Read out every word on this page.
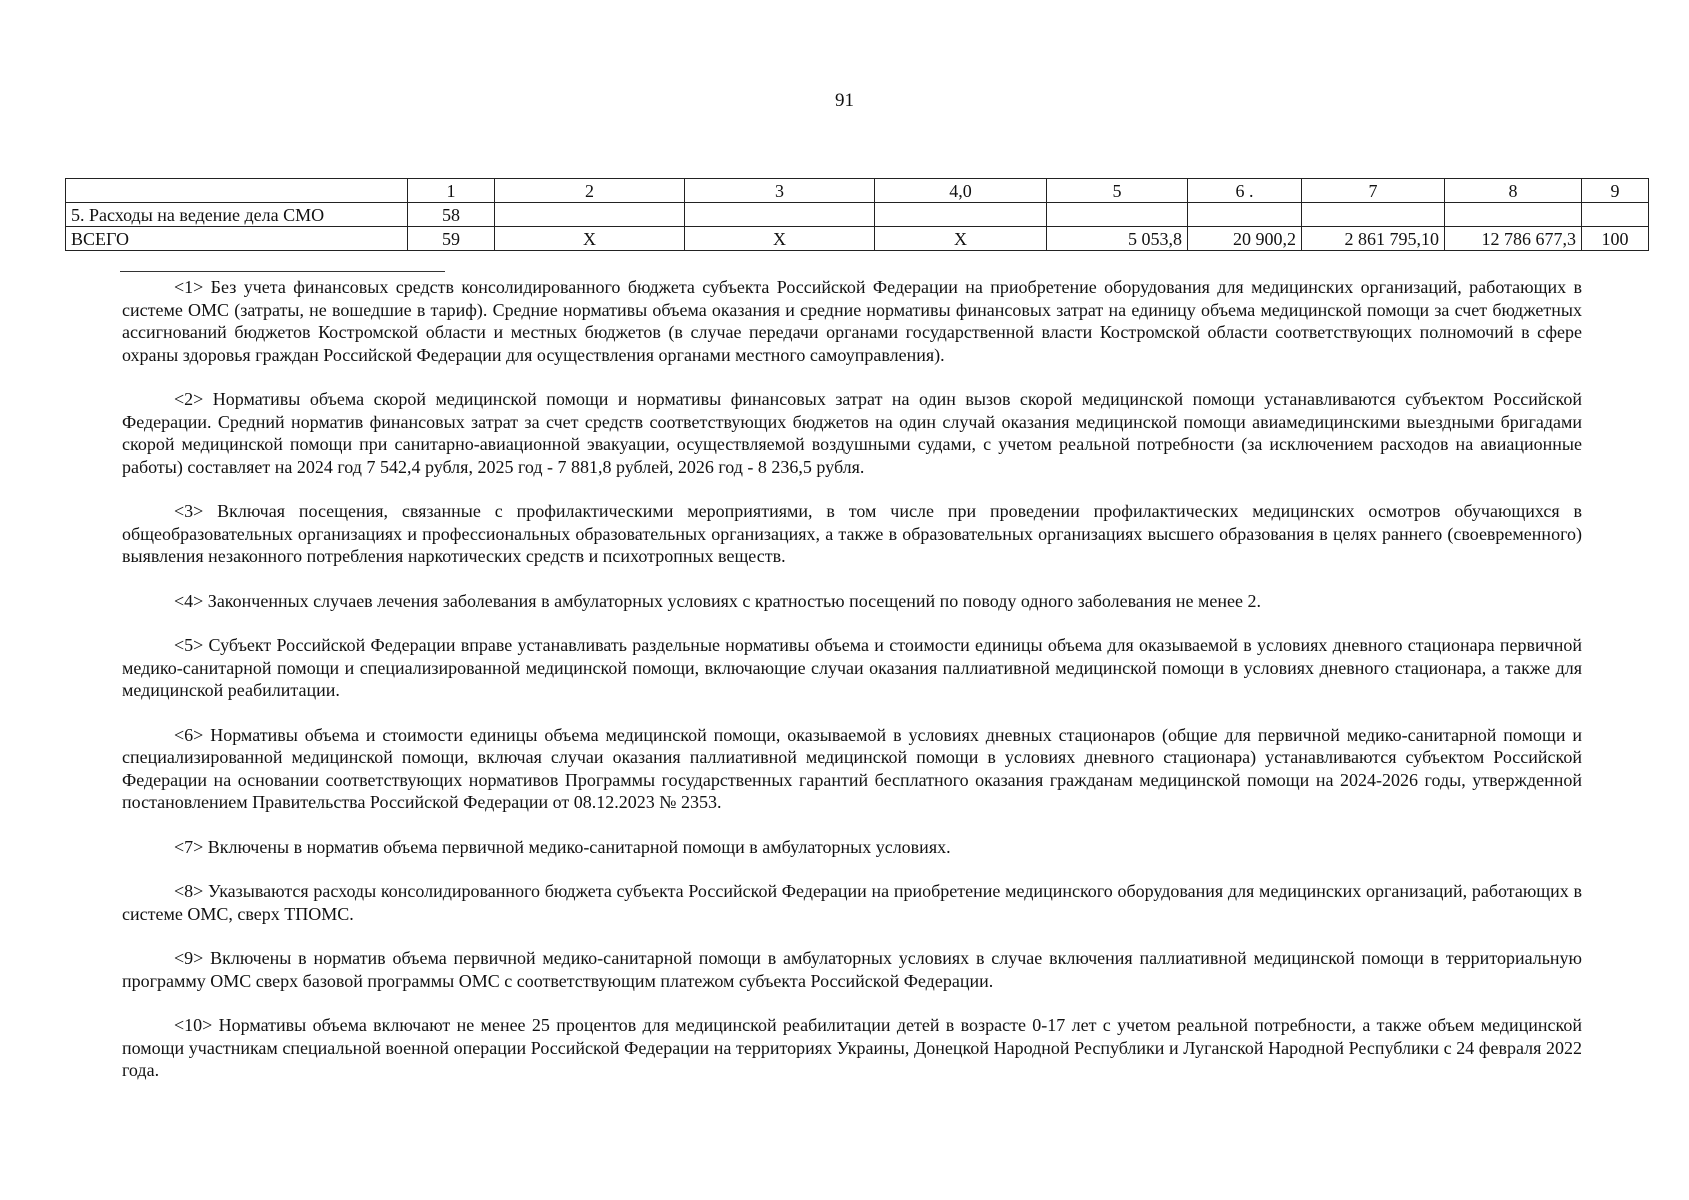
91
	1	2	3	4,0	5	6 .	7	8	9
5. Расходы на ведение дела СМО	58								
ВСЕГО	59	X	X	X	5 053,8	20 900,2	2 861 795,10	12 786 677,3	100

<1> Без учета финансовых средств консолидированного бюджета субъекта Российской Федерации на приобретение оборудования для медицинских организаций, работающих в системе ОМС (затраты, не вошедшие в тариф). Средние нормативы объема оказания и средние нормативы финансовых затрат на единицу объема медицинской помощи за счет бюджетных ассигнований бюджетов Костромской области и местных бюджетов (в случае передачи органами государственной власти Костромской области соответствующих полномочий в сфере охраны здоровья граждан Российской Федерации для осуществления органами местного самоуправления).

<2> Нормативы объема скорой медицинской помощи и нормативы финансовых затрат на один вызов скорой медицинской помощи устанавливаются субъектом Российской Федерации. Средний норматив финансовых затрат за счет средств соответствующих бюджетов на один случай оказания медицинской помощи авиамедицинскими выездными бригадами скорой медицинской помощи при санитарно-авиационной эвакуации, осуществляемой воздушными судами, с учетом реальной потребности (за исключением расходов на авиационные работы) составляет на 2024 год 7 542,4 рубля, 2025 год - 7 881,8 рублей, 2026 год - 8 236,5 рубля.

<3> Включая посещения, связанные с профилактическими мероприятиями, в том числе при проведении профилактических медицинских осмотров обучающихся в общеобразовательных организациях и профессиональных образовательных организациях, а также в образовательных организациях высшего образования в целях раннего (своевременного) выявления незаконного потребления наркотических средств и психотропных веществ.

<4> Законченных случаев лечения заболевания в амбулаторных условиях с кратностью посещений по поводу одного заболевания не менее 2.

<5> Субъект Российской Федерации вправе устанавливать раздельные нормативы объема и стоимости единицы объема для оказываемой в условиях дневного стационара первичной медико-санитарной помощи и специализированной медицинской помощи, включающие случаи оказания паллиативной медицинской помощи в условиях дневного стационара, а также для медицинской реабилитации.

<6> Нормативы объема и стоимости единицы объема медицинской помощи, оказываемой в условиях дневных стационаров (общие для первичной медико-санитарной помощи и специализированной медицинской помощи, включая случаи оказания паллиативной медицинской помощи в условиях дневного стационара) устанавливаются субъектом Российской Федерации на основании соответствующих нормативов Программы государственных гарантий бесплатного оказания гражданам медицинской помощи на 2024-2026 годы, утвержденной постановлением Правительства Российской Федерации от 08.12.2023 № 2353.

<7> Включены в норматив объема первичной медико-санитарной помощи в амбулаторных условиях.

<8> Указываются расходы консолидированного бюджета субъекта Российской Федерации на приобретение медицинского оборудования для медицинских организаций, работающих в системе ОМС, сверх ТПОМС.

<9> Включены в норматив объема первичной медико-санитарной помощи в амбулаторных условиях в случае включения паллиативной медицинской помощи в территориальную программу ОМС сверх базовой программы ОМС с соответствующим платежом субъекта Российской Федерации.

<10> Нормативы объема включают не менее 25 процентов для медицинской реабилитации детей в возрасте 0-17 лет с учетом реальной потребности, а также объем медицинской помощи участникам специальной военной операции Российской Федерации на территориях Украины, Донецкой Народной Республики и Луганской Народной Республики с 24 февраля 2022 года.
